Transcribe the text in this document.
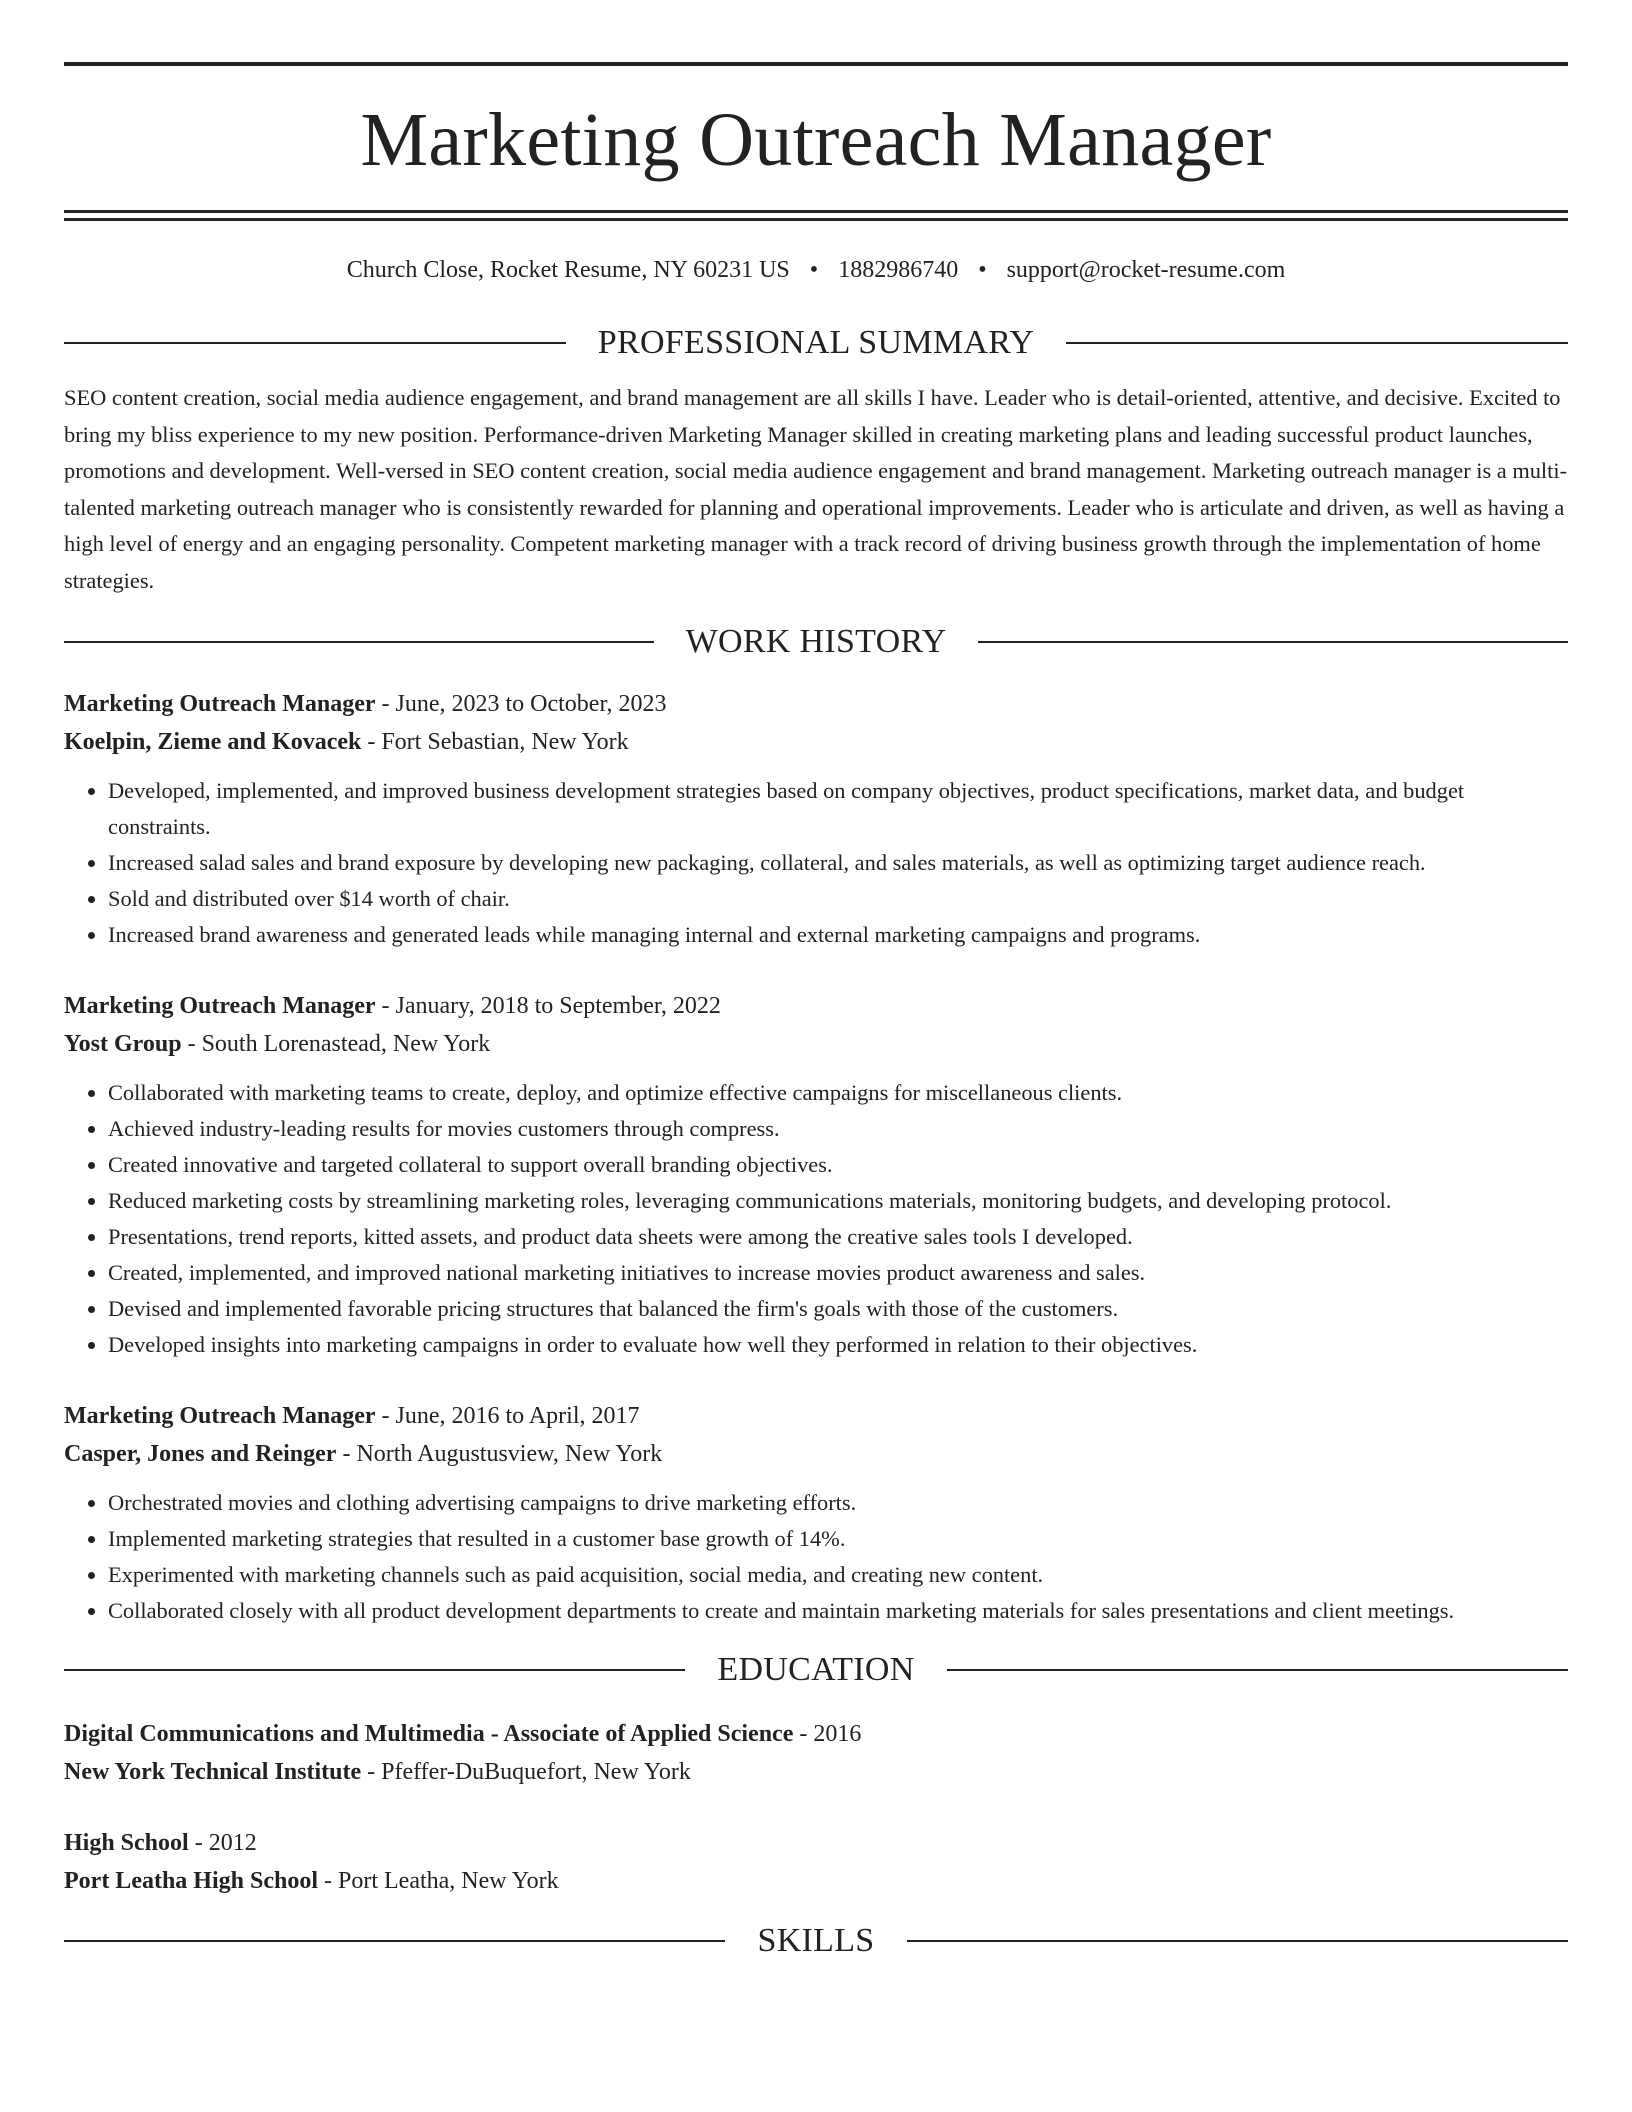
Marketing Outreach Manager
Church Close, Rocket Resume, NY 60231 US • 1882986740 • support@rocket-resume.com
PROFESSIONAL SUMMARY

SEO content creation, social media audience engagement, and brand management are all skills I have. Leader who is detail-oriented, attentive, and decisive. Excited to bring my bliss experience to my new position. Performance-driven Marketing Manager skilled in creating marketing plans and leading successful product launches, promotions and development. Well-versed in SEO content creation, social media audience engagement and brand management. Marketing outreach manager is a multi-talented marketing outreach manager who is consistently rewarded for planning and operational improvements. Leader who is articulate and driven, as well as having a high level of energy and an engaging personality. Competent marketing manager with a track record of driving business growth through the implementation of home strategies.

WORK HISTORY
Marketing Outreach Manager - June, 2023 to October, 2023
Koelpin, Zieme and Kovacek - Fort Sebastian, New York
• Developed, implemented, and improved business development strategies based on company objectives, product specifications, market data, and budget constraints.
• Increased salad sales and brand exposure by developing new packaging, collateral, and sales materials, as well as optimizing target audience reach.
• Sold and distributed over $14 worth of chair.
• Increased brand awareness and generated leads while managing internal and external marketing campaigns and programs.
Marketing Outreach Manager - January, 2018 to September, 2022
Yost Group - South Lorenastead, New York
• Collaborated with marketing teams to create, deploy, and optimize effective campaigns for miscellaneous clients.
• Achieved industry-leading results for movies customers through compress.
• Created innovative and targeted collateral to support overall branding objectives.
• Reduced marketing costs by streamlining marketing roles, leveraging communications materials, monitoring budgets, and developing protocol.
• Presentations, trend reports, kitted assets, and product data sheets were among the creative sales tools I developed.
• Created, implemented, and improved national marketing initiatives to increase movies product awareness and sales.
• Devised and implemented favorable pricing structures that balanced the firm's goals with those of the customers.
• Developed insights into marketing campaigns in order to evaluate how well they performed in relation to their objectives.
Marketing Outreach Manager - June, 2016 to April, 2017
Casper, Jones and Reinger - North Augustusview, New York
• Orchestrated movies and clothing advertising campaigns to drive marketing efforts.
• Implemented marketing strategies that resulted in a customer base growth of 14%.
• Experimented with marketing channels such as paid acquisition, social media, and creating new content.
• Collaborated closely with all product development departments to create and maintain marketing materials for sales presentations and client meetings.
EDUCATION
Digital Communications and Multimedia - Associate of Applied Science - 2016
New York Technical Institute - Pfeffer-DuBuquefort, New York
High School - 2012
Port Leatha High School - Port Leatha, New York
SKILLS
